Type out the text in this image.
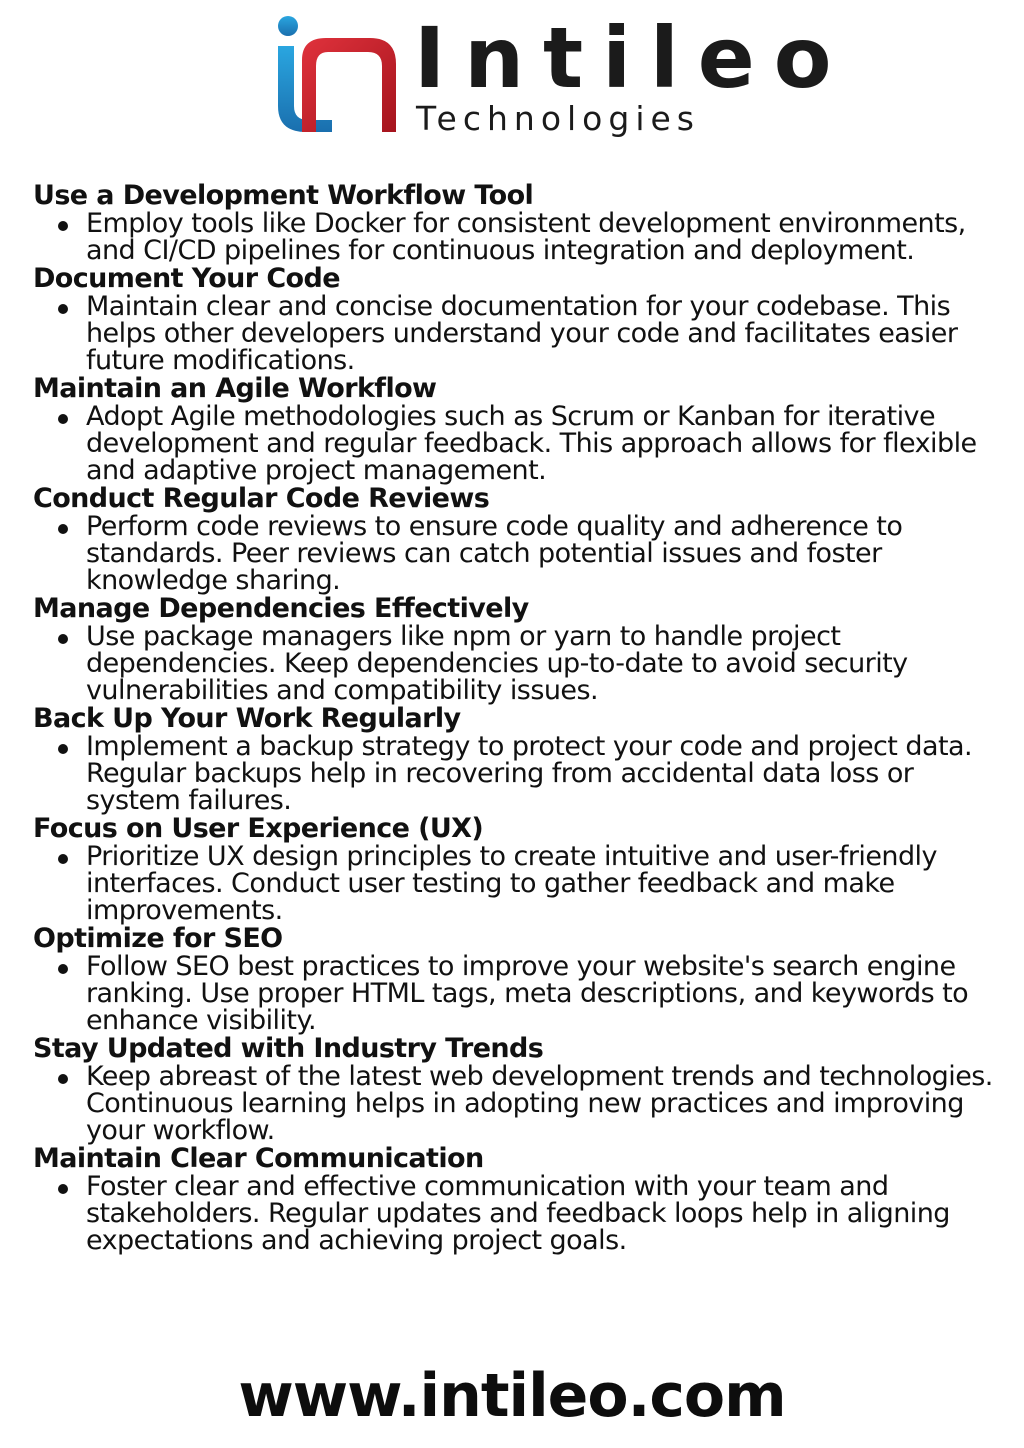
Intileo
Technologies
Use a Development Workflow Tool
Employ tools like Docker for consistent development environments, and CI/CD pipelines for continuous integration and deployment.
Document Your Code
Maintain clear and concise documentation for your codebase. This helps other developers understand your code and facilitates easier future modifications.
Maintain an Agile Workflow
Adopt Agile methodologies such as Scrum or Kanban for iterative development and regular feedback. This approach allows for flexible and adaptive project management.
Conduct Regular Code Reviews
Perform code reviews to ensure code quality and adherence to standards. Peer reviews can catch potential issues and foster knowledge sharing.
Manage Dependencies Effectively
Use package managers like npm or yarn to handle project dependencies. Keep dependencies up-to-date to avoid security vulnerabilities and compatibility issues.
Back Up Your Work Regularly
Implement a backup strategy to protect your code and project data. Regular backups help in recovering from accidental data loss or system failures.
Focus on User Experience (UX)
Prioritize UX design principles to create intuitive and user-friendly interfaces. Conduct user testing to gather feedback and make improvements.
Optimize for SEO
Follow SEO best practices to improve your website's search engine ranking. Use proper HTML tags, meta descriptions, and keywords to enhance visibility.
Stay Updated with Industry Trends
Keep abreast of the latest web development trends and technologies. Continuous learning helps in adopting new practices and improving your workflow.
Maintain Clear Communication
Foster clear and effective communication with your team and stakeholders. Regular updates and feedback loops help in aligning expectations and achieving project goals.
www.intileo.com
